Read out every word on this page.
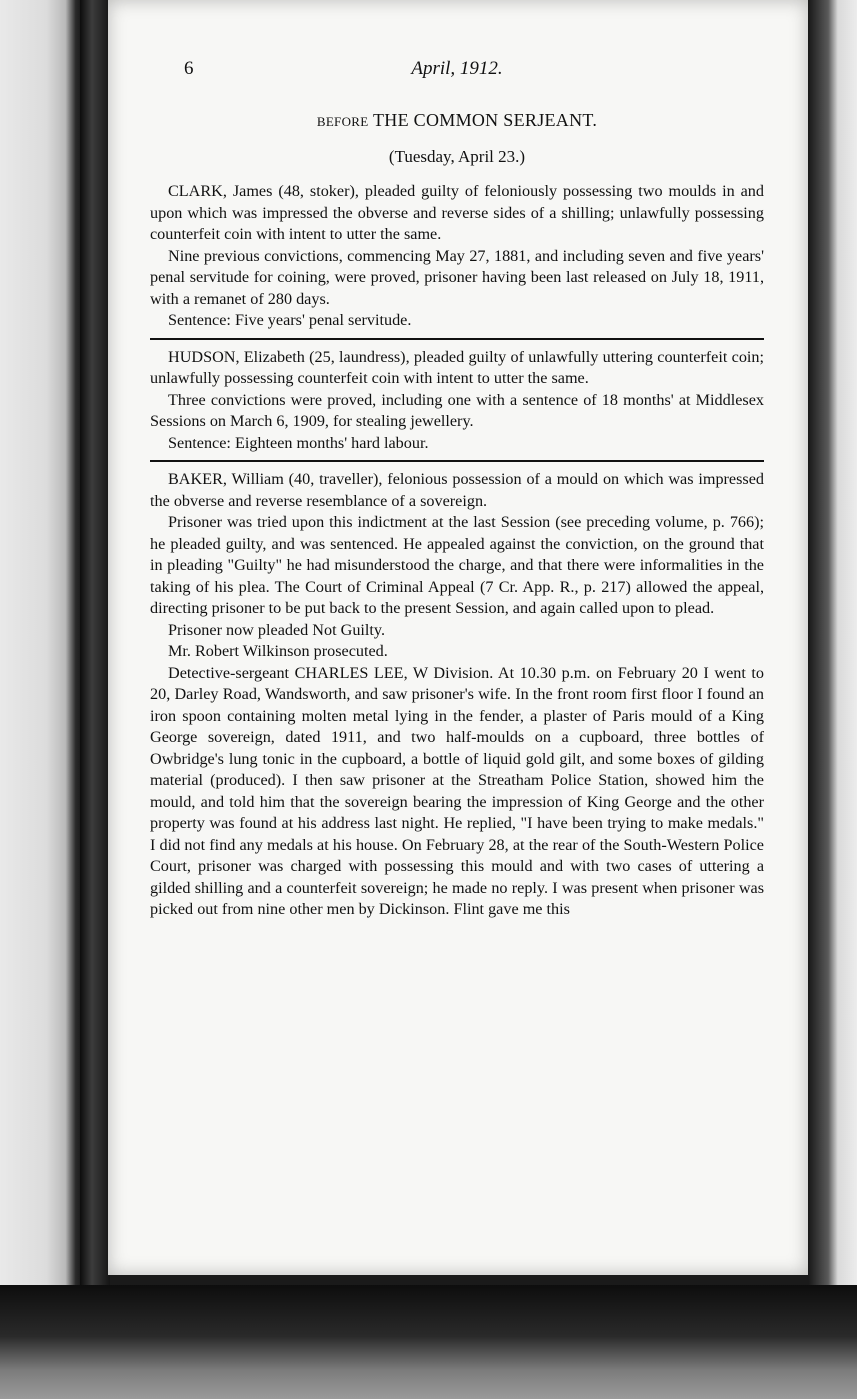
6	April, 1912.
BEFORE THE COMMON SERJEANT.
(Tuesday, April 23.)

CLARK, James (48, stoker), pleaded guilty of feloniously possessing two moulds in and upon which was impressed the obverse and reverse sides of a shilling; unlawfully possessing counterfeit coin with intent to utter the same.

Nine previous convictions, commencing May 27, 1881, and including seven and five years' penal servitude for coining, were proved, prisoner having been last released on July 18, 1911, with a remanet of 280 days.

Sentence: Five years' penal servitude.

HUDSON, Elizabeth (25, laundress), pleaded guilty of unlawfully uttering counterfeit coin; unlawfully possessing counterfeit coin with intent to utter the same.

Three convictions were proved, including one with a sentence of 18 months' at Middlesex Sessions on March 6, 1909, for stealing jewellery.

Sentence: Eighteen months' hard labour.

BAKER, William (40, traveller), felonious possession of a mould on which was impressed the obverse and reverse resemblance of a sovereign.

Prisoner was tried upon this indictment at the last Session (see preceding volume, p. 766); he pleaded guilty, and was sentenced. He appealed against the conviction, on the ground that in pleading "Guilty" he had misunderstood the charge, and that there were informalities in the taking of his plea. The Court of Criminal Appeal (7 Cr. App. R., p. 217) allowed the appeal, directing prisoner to be put back to the present Session, and again called upon to plead.

Prisoner now pleaded Not Guilty.

Mr. Robert Wilkinson prosecuted.

Detective-sergeant CHARLES LEE, W Division. At 10.30 p.m. on February 20 I went to 20, Darley Road, Wandsworth, and saw prisoner's wife. In the front room first floor I found an iron spoon containing molten metal lying in the fender, a plaster of Paris mould of a King George sovereign, dated 1911, and two half-moulds on a cupboard, three bottles of Owbridge's lung tonic in the cupboard, a bottle of liquid gold gilt, and some boxes of gilding material (produced). I then saw prisoner at the Streatham Police Station, showed him the mould, and told him that the sovereign bearing the impression of King George and the other property was found at his address last night. He replied, "I have been trying to make medals." I did not find any medals at his house. On February 28, at the rear of the South-Western Police Court, prisoner was charged with possessing this mould and with two cases of uttering a gilded shilling and a counterfeit sovereign; he made no reply. I was present when prisoner was picked out from nine other men by Dickinson. Flint gave me this
